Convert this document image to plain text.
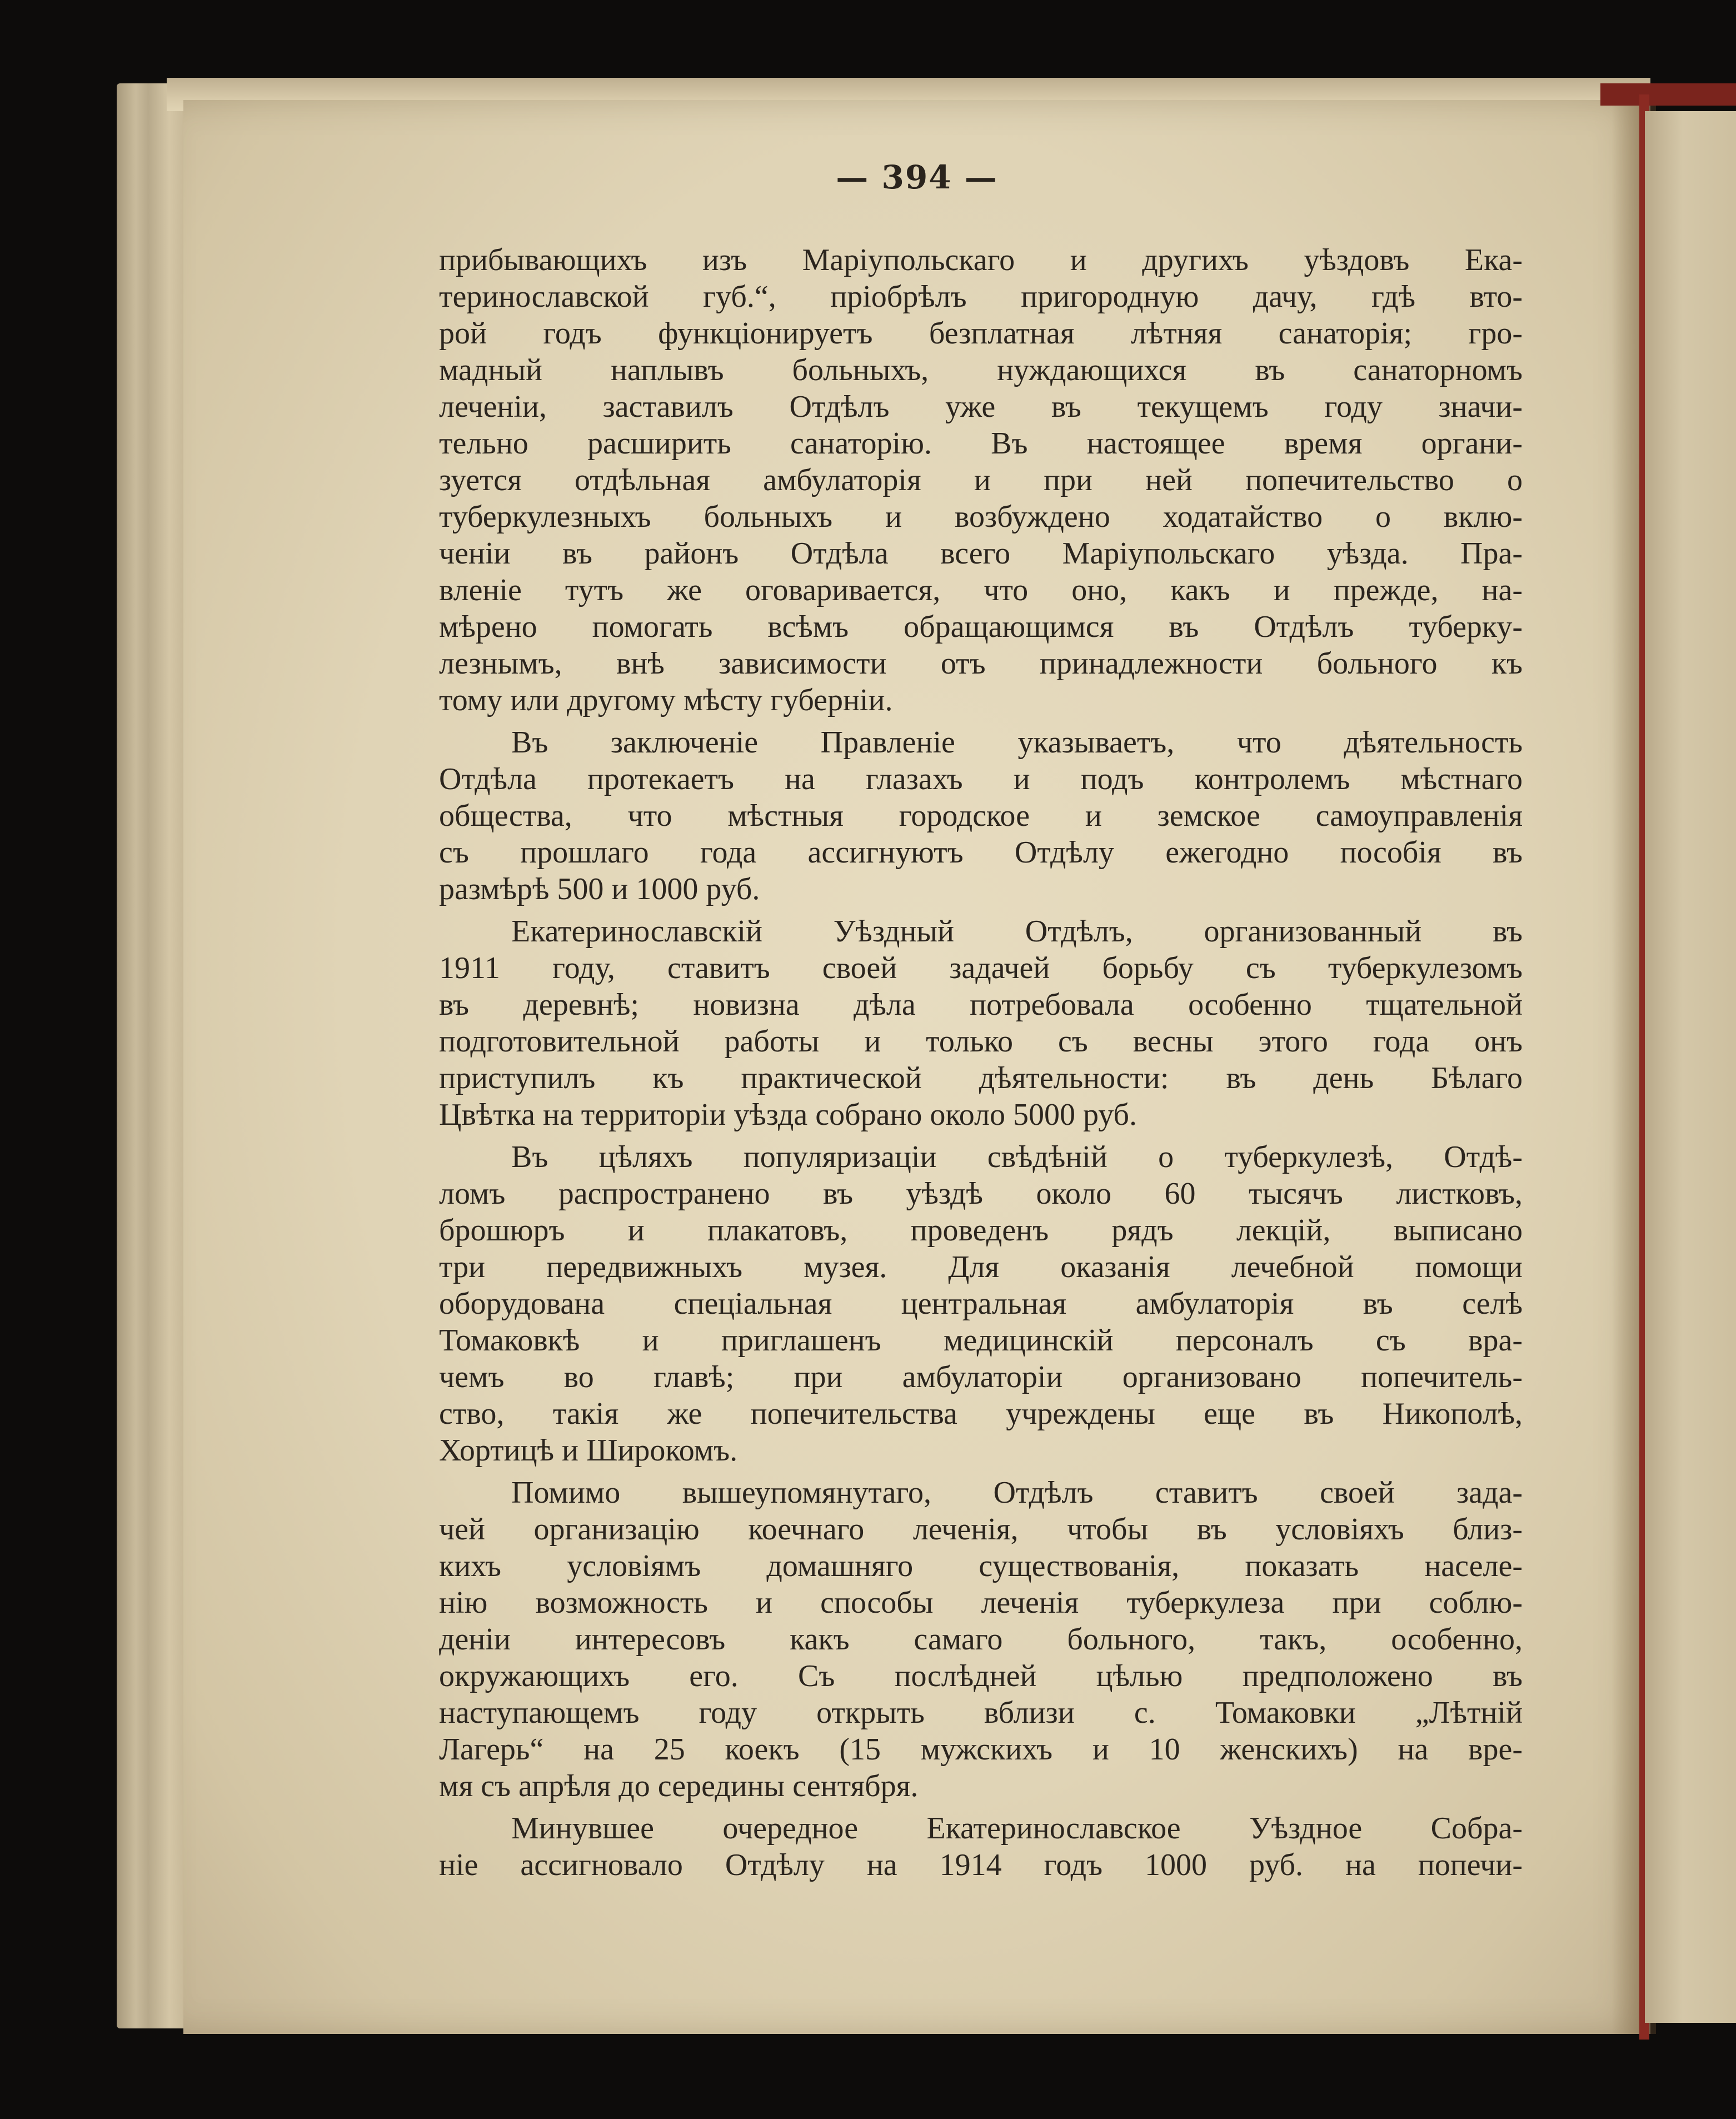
— 394 —
прибывающихъ изъ Маріупольскаго и другихъ уѣздовъ Ека-
теринославской губ.“, пріобрѣлъ пригородную дачу, гдѣ вто-
рой годъ функціонируетъ безплатная лѣтняя санаторія; гро-
мадный наплывъ больныхъ, нуждающихся въ санаторномъ
леченіи, заставилъ Отдѣлъ уже въ текущемъ году значи-
тельно расширить санаторію. Въ настоящее время органи-
зуется отдѣльная амбулаторія и при ней попечительство о
туберкулезныхъ больныхъ и возбуждено ходатайство о вклю-
ченіи въ районъ Отдѣла всего Маріупольскаго уѣзда. Пра-
вленіе тутъ же оговаривается, что оно, какъ и прежде, на-
мѣрено помогать всѣмъ обращающимся въ Отдѣлъ туберку-
лезнымъ, внѣ зависимости отъ принадлежности больного къ
тому или другому мѣсту губерніи.
Въ заключеніе Правленіе указываетъ, что дѣятельность
Отдѣла протекаетъ на глазахъ и подъ контролемъ мѣстнаго
общества, что мѣстныя городское и земское самоуправленія
съ прошлаго года ассигнуютъ Отдѣлу ежегодно пособія въ
размѣрѣ 500 и 1000 руб.
Екатеринославскій Уѣздный Отдѣлъ, организованный въ
1911 году, ставитъ своей задачей борьбу съ туберкулезомъ
въ деревнѣ; новизна дѣла потребовала особенно тщательной
подготовительной работы и только съ весны этого года онъ
приступилъ къ практической дѣятельности: въ день Бѣлаго
Цвѣтка на территоріи уѣзда собрано около 5000 руб.
Въ цѣляхъ популяризаціи свѣдѣній о туберкулезѣ, Отдѣ-
ломъ распространено въ уѣздѣ около 60 тысячъ листковъ,
брошюръ и плакатовъ, проведенъ рядъ лекцій, выписано
три передвижныхъ музея. Для оказанія лечебной помощи
оборудована спеціальная центральная амбулаторія въ селѣ
Томаковкѣ и приглашенъ медицинскій персоналъ съ вра-
чемъ во главѣ; при амбулаторіи организовано попечитель-
ство, такія же попечительства учреждены еще въ Никополѣ,
Хортицѣ и Широкомъ.
Помимо вышеупомянутаго, Отдѣлъ ставитъ своей зада-
чей организацію коечнаго леченія, чтобы въ условіяхъ близ-
кихъ условіямъ домашняго существованія, показать населе-
нію возможность и способы леченія туберкулеза при соблю-
деніи интересовъ какъ самаго больного, такъ, особенно,
окружающихъ его. Съ послѣдней цѣлью предположено въ
наступающемъ году открыть вблизи с. Томаковки „Лѣтній
Лагерь“ на 25 коекъ (15 мужскихъ и 10 женскихъ) на вре-
мя съ апрѣля до середины сентября.
Минувшее очередное Екатеринославское Уѣздное Собра-
ніе ассигновало Отдѣлу на 1914 годъ 1000 руб. на попечи-
